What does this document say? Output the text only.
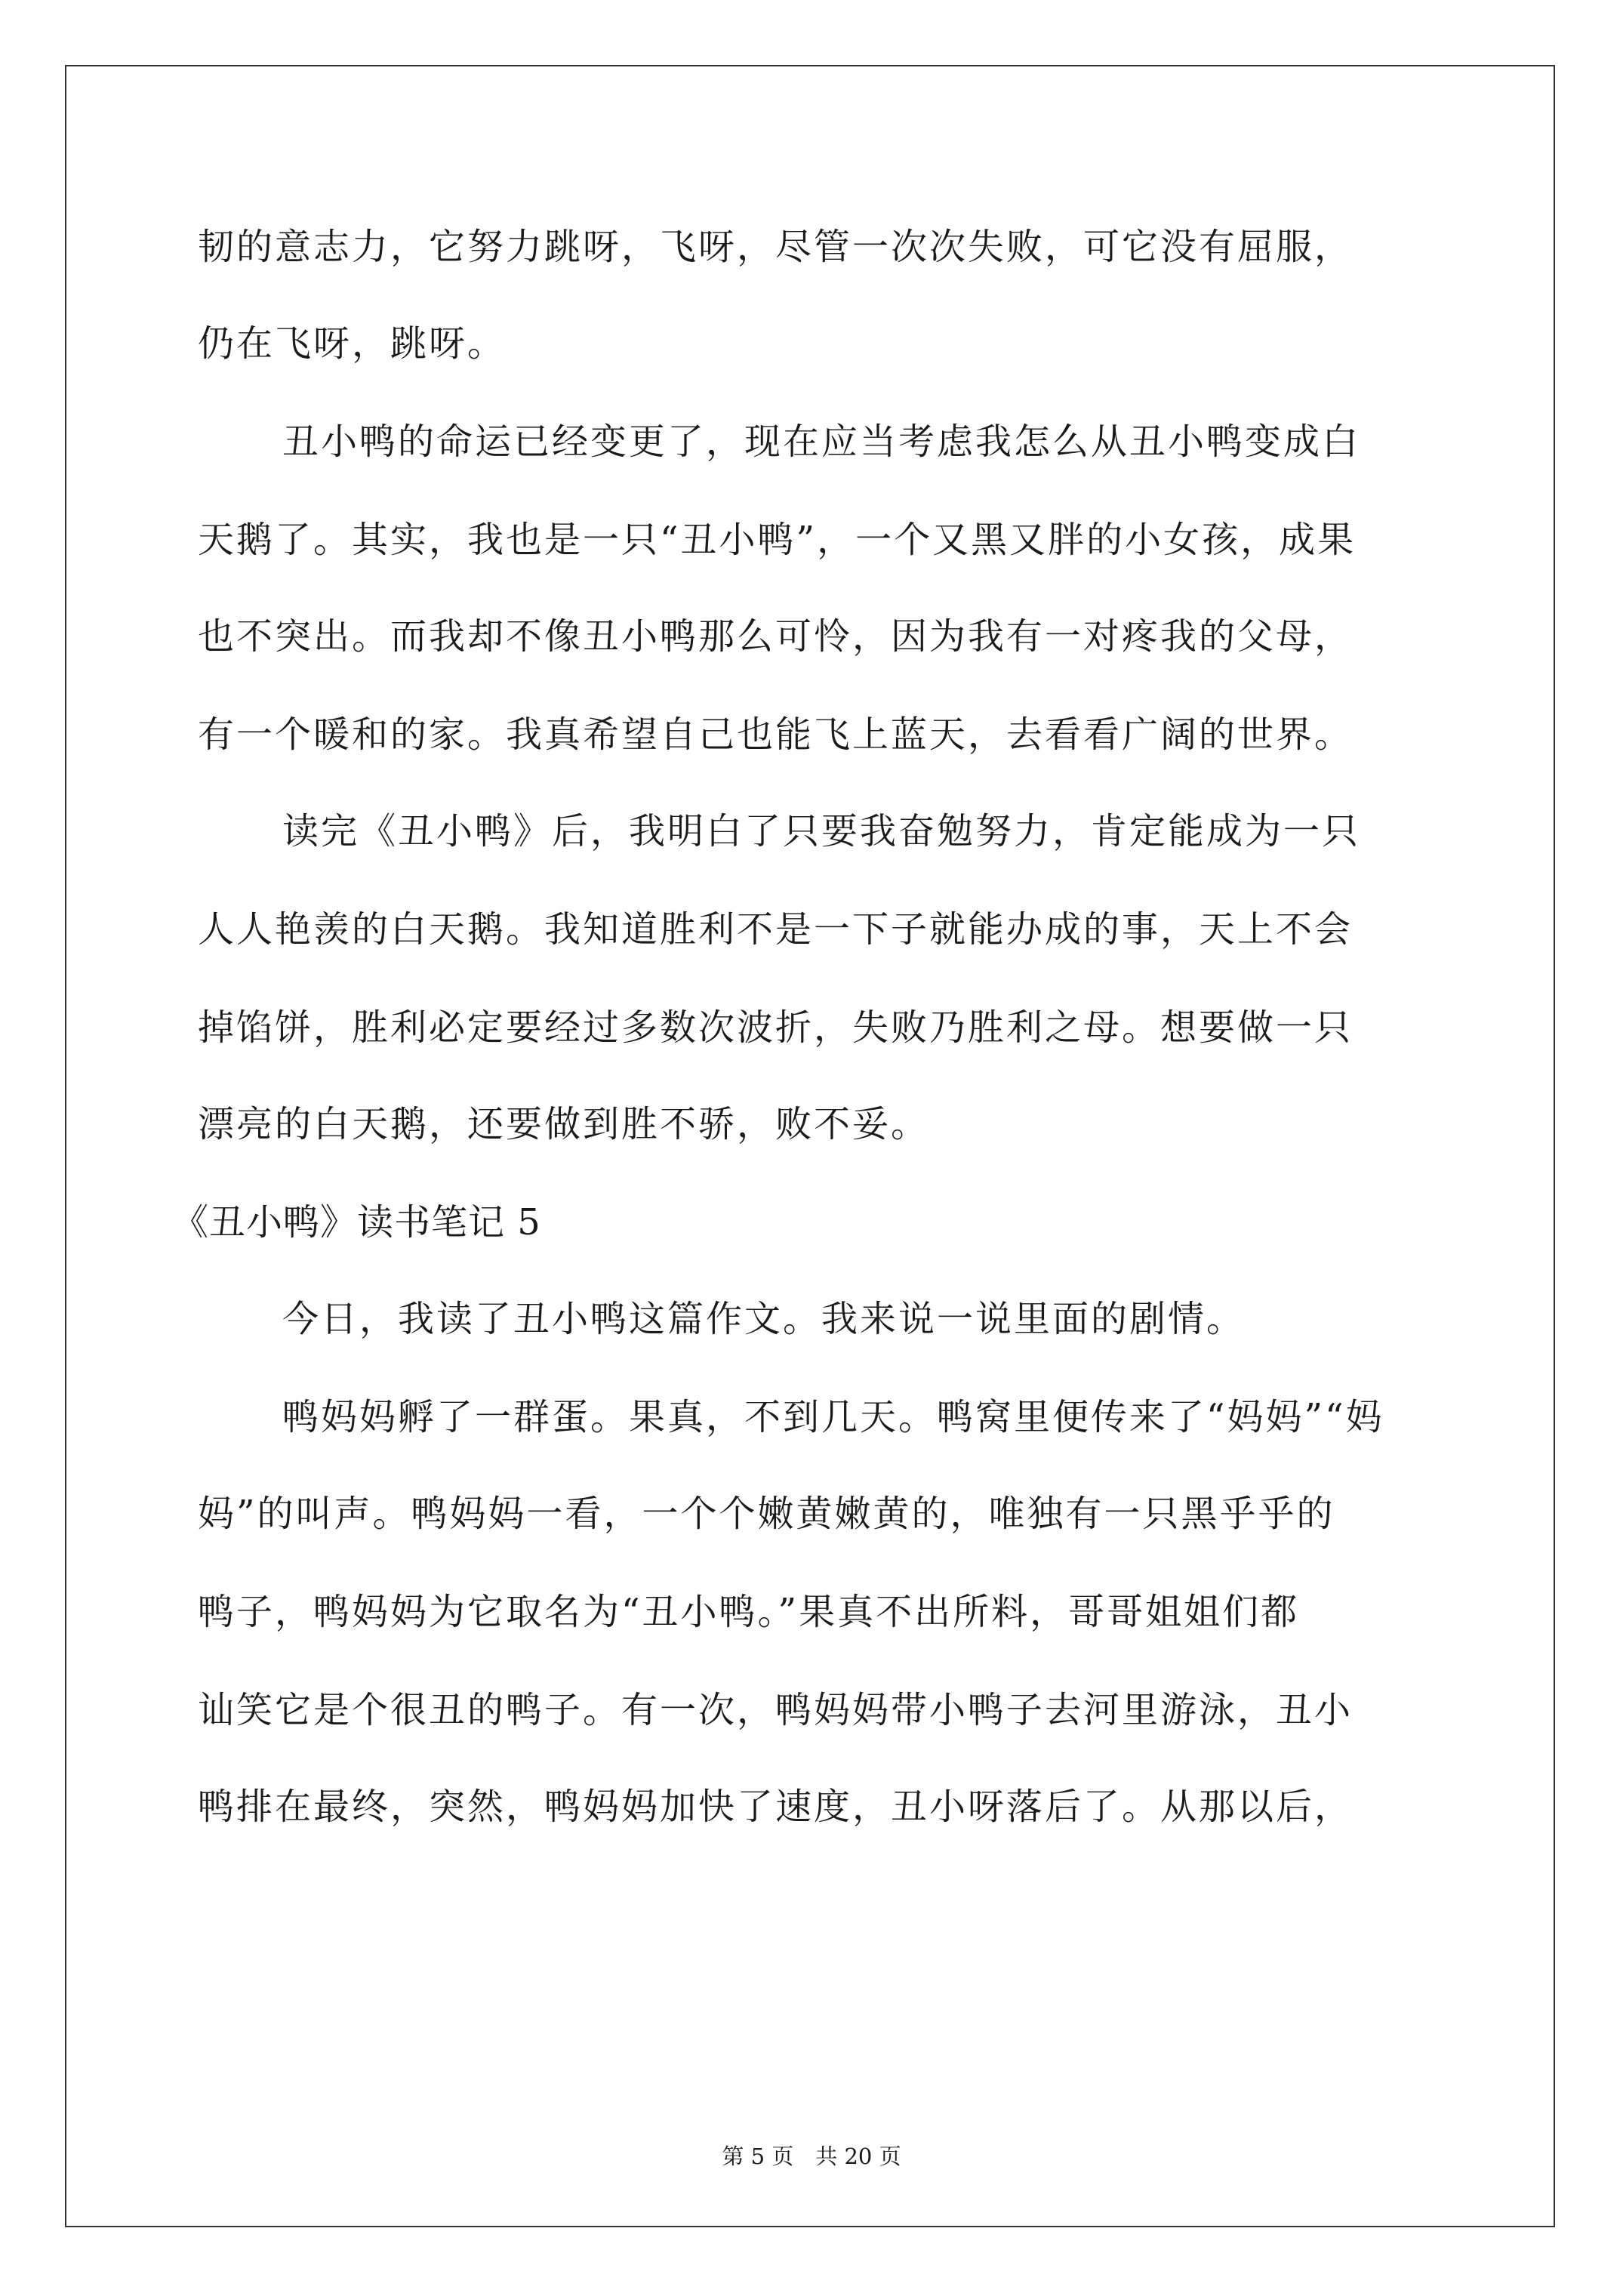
韧的意志力，它努力跳呀，飞呀，尽管一次次失败，可它没有屈服，
仍在飞呀，跳呀。
丑小鸭的命运已经变更了，现在应当考虑我怎么从丑小鸭变成白
天鹅了。其实，我也是一只“丑小鸭”，一个又黑又胖的小女孩，成果
也不突出。而我却不像丑小鸭那么可怜，因为我有一对疼我的父母，
有一个暖和的家。我真希望自己也能飞上蓝天，去看看广阔的世界。
读完《丑小鸭》后，我明白了只要我奋勉努力，肯定能成为一只
人人艳羡的白天鹅。我知道胜利不是一下子就能办成的事，天上不会
掉馅饼，胜利必定要经过多数次波折，失败乃胜利之母。想要做一只
漂亮的白天鹅，还要做到胜不骄，败不妥。
《丑小鸭》读书笔记 5
今日，我读了丑小鸭这篇作文。我来说一说里面的剧情。
鸭妈妈孵了一群蛋。果真，不到几天。鸭窝里便传来了“妈妈”“妈
妈”的叫声。鸭妈妈一看，一个个嫩黄嫩黄的，唯独有一只黑乎乎的
鸭子，鸭妈妈为它取名为“丑小鸭。”果真不出所料，哥哥姐姐们都
讪笑它是个很丑的鸭子。有一次，鸭妈妈带小鸭子去河里游泳，丑小
鸭排在最终，突然，鸭妈妈加快了速度，丑小呀落后了。从那以后，
第 5 页　共 20 页
